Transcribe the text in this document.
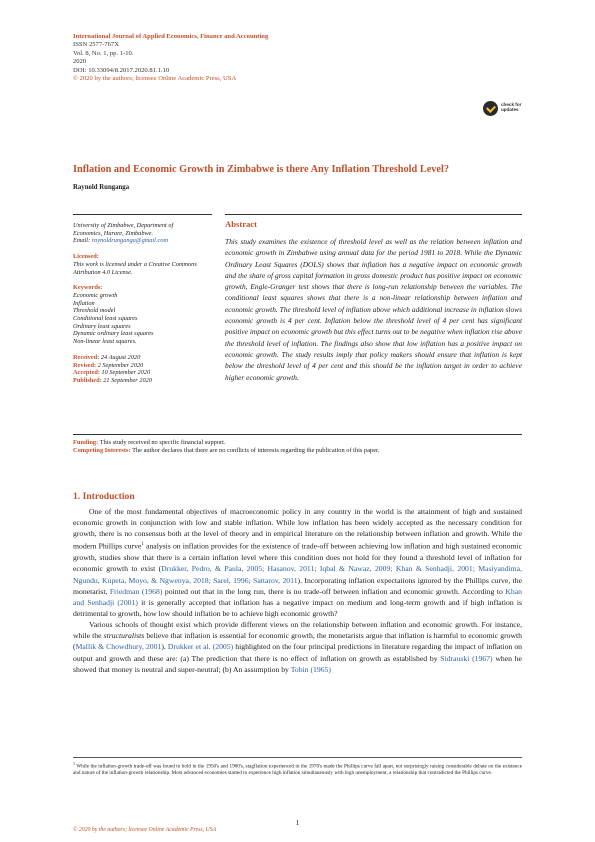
International Journal of Applied Economics, Finance and Accounting
ISSN 2577-767X
Vol. 8, No. 1, pp. 1-10.
2020
DOI: 10.33094/8.2017.2020.81.1.10
© 2020 by the authors; licensee Online Academic Press, USA
check for
updates
Inflation and Economic Growth in Zimbabwe is there Any Inflation Threshold Level?
Raynold Runganga
University of Zimbabwe, Department of
Economics, Harare, Zimbabwe.
Email: raynoldrunganga@gmail.com
Licensed:
This work is licensed under a Creative Commons Attribution 4.0 License.
Keywords:
Economic growth
Inflation
Threshold model
Conditional least squares
Ordinary least squares
Dynamic ordinary least squares
Non-linear least squares.
Received: 24 August 2020
Revised: 2 September 2020
Accepted: 10 September 2020
Published: 21 September 2020
Abstract
This study examines the existence of threshold level as well as the relation between inflation and economic growth in Zimbabwe using annual data for the period 1981 to 2018. While the Dynamic Ordinary Least Squares (DOLS) shows that inflation has a negative impact on economic growth and the share of gross capital formation in gross domestic product has positive impact on economic growth, Engle-Granger test shows that there is long-run relationship between the variables. The conditional least squares shows that there is a non-linear relationship between inflation and economic growth. The threshold level of inflation above which additional increase in inflation slows economic growth is 4 per cent. Inflation below the threshold level of 4 per cent has significant positive impact on economic growth but this effect turns out to be negative when inflation rise above the threshold level of inflation. The findings also show that low inflation has a positive impact on economic growth. The study results imply that policy makers should ensure that inflation is kept below the threshold level of 4 per cent and this should be the inflation target in order to achieve higher economic growth.
Funding: This study received no specific financial support.
Competing Interests: The author declares that there are no conflicts of interests regarding the publication of this paper.
1. Introduction

One of the most fundamental objectives of macroeconomic policy in any country in the world is the attainment of high and sustained economic growth in conjunction with low and stable inflation. While low inflation has been widely accepted as the necessary condition for growth, there is no consensus both at the level of theory and in empirical literature on the relationship between inflation and growth. While the modern Phillips curve$^1$ analysis on inflation provides for the existence of trade-off between achieving low inflation and high sustained economic growth, studies show that there is a certain inflation level where this condition does not hold for they found a threshold level of inflation for economic growth to exist (Drukker, Pedro, & Paula, 2005; Hasanov, 2011; Iqbal & Nawaz, 2009; Khan & Senhadji, 2001; Masiyandima, Ngundu, Kupeta, Moyo, & Ngwenya, 2018; Sarel, 1996; Sattarov, 2011). Incorporating inflation expectations ignored by the Phillips curve, the monetarist, Friedman (1968) pointed out that in the long run, there is no trade-off between inflation and economic growth. According to Khan and Senhadji (2001) it is generally accepted that inflation has a negative impact on medium and long-term growth and if high inflation is detrimental to growth, how low should inflation be to achieve high economic growth?

Various schools of thought exist which provide different views on the relationship between inflation and economic growth. For instance, while the structuralists believe that inflation is essential for economic growth, the monetarists argue that inflation is harmful to economic growth (Mallik & Chowdhury, 2001). Drukker et al. (2005) highlighted on the four principal predictions in literature regarding the impact of inflation on output and growth and these are: (a) The prediction that there is no effect of inflation on growth as established by Sidrauski (1967) when he showed that money is neutral and super-neutral; (b) An assumption by Tobin (1965)

$^1$ While the inflation-growth trade-off was found to hold in the 1950's and 1960's, stagflation experienced in the 1970's made the Phillips curve fall apart, not surprisingly raising considerable debate on the existence and nature of the inflation-growth relationship. Most advanced economies started to experience high inflation simultaneously with high unemployment, a relationship that contradicted the Phillips curve.
1
© 2020 by the authors; licensee Online Academic Press, USA
